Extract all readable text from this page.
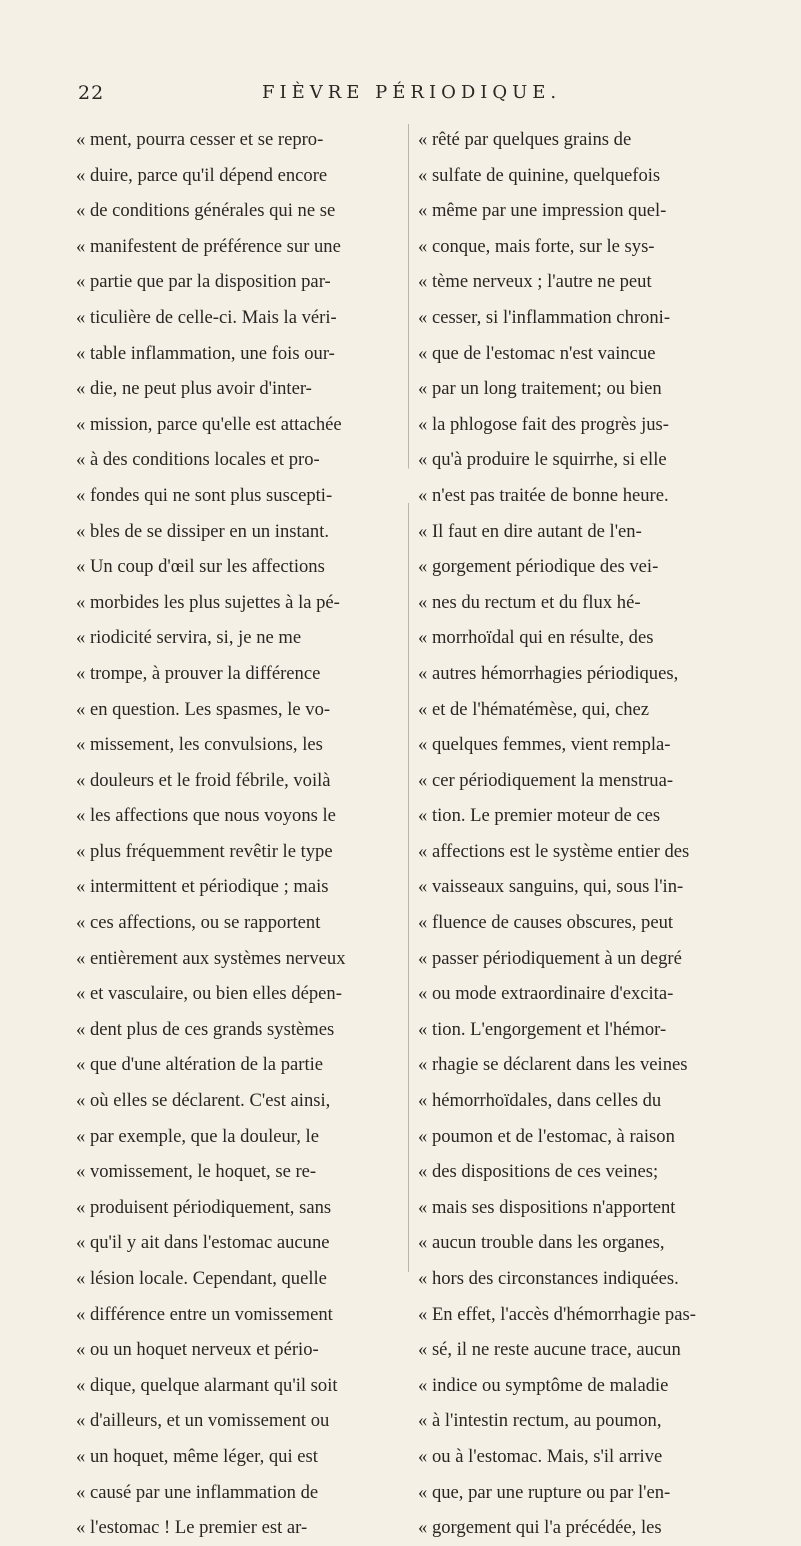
22	FIÈVRE PÉRIODIQUE.
« ment, pourra cesser et se repro-
« duire, parce qu'il dépend encore
« de conditions générales qui ne se
« manifestent de préférence sur une
« partie que par la disposition par-
« ticulière de celle-ci. Mais la véri-
« table inflammation, une fois our-
« die, ne peut plus avoir d'inter-
« mission, parce qu'elle est attachée
« à des conditions locales et pro-
« fondes qui ne sont plus suscepti-
« bles de se dissiper en un instant.
« Un coup d'œil sur les affections
« morbides les plus sujettes à la pé-
« riodicité servira, si, je ne me
« trompe, à prouver la différence
« en question. Les spasmes, le vo-
« missement, les convulsions, les
« douleurs et le froid fébrile, voilà
« les affections que nous voyons le
« plus fréquemment revêtir le type
« intermittent et périodique ; mais
« ces affections, ou se rapportent
« entièrement aux systèmes nerveux
« et vasculaire, ou bien elles dépen-
« dent plus de ces grands systèmes
« que d'une altération de la partie
« où elles se déclarent. C'est ainsi,
« par exemple, que la douleur, le
« vomissement, le hoquet, se re-
« produisent périodiquement, sans
« qu'il y ait dans l'estomac aucune
« lésion locale. Cependant, quelle
« différence entre un vomissement
« ou un hoquet nerveux et pério-
« dique, quelque alarmant qu'il soit
« d'ailleurs, et un vomissement ou
« un hoquet, même léger, qui est
« causé par une inflammation de
« l'estomac ! Le premier est ar-
« rêté par quelques grains de
« sulfate de quinine, quelquefois
« même par une impression quel-
« conque, mais forte, sur le sys-
« tème nerveux ; l'autre ne peut
« cesser, si l'inflammation chroni-
« que de l'estomac n'est vaincue
« par un long traitement; ou bien
« la phlogose fait des progrès jus-
« qu'à produire le squirrhe, si elle
« n'est pas traitée de bonne heure.
« Il faut en dire autant de l'en-
« gorgement périodique des vei-
« nes du rectum et du flux hé-
« morrhoïdal qui en résulte, des
« autres hémorrhagies périodiques,
« et de l'hématémèse, qui, chez
« quelques femmes, vient rempla-
« cer périodiquement la menstrua-
« tion. Le premier moteur de ces
« affections est le système entier des
« vaisseaux sanguins, qui, sous l'in-
« fluence de causes obscures, peut
« passer périodiquement à un degré
« ou mode extraordinaire d'excita-
« tion. L'engorgement et l'hémor-
« rhagie se déclarent dans les veines
« hémorrhoïdales, dans celles du
« poumon et de l'estomac, à raison
« des dispositions de ces veines;
« mais ses dispositions n'apportent
« aucun trouble dans les organes,
« hors des circonstances indiquées.
« En effet, l'accès d'hémorrhagie pas-
« sé, il ne reste aucune trace, aucun
« indice ou symptôme de maladie
« à l'intestin rectum, au poumon,
« ou à l'estomac. Mais, s'il arrive
« que, par une rupture ou par l'en-
« gorgement qui l'a précédée, les
